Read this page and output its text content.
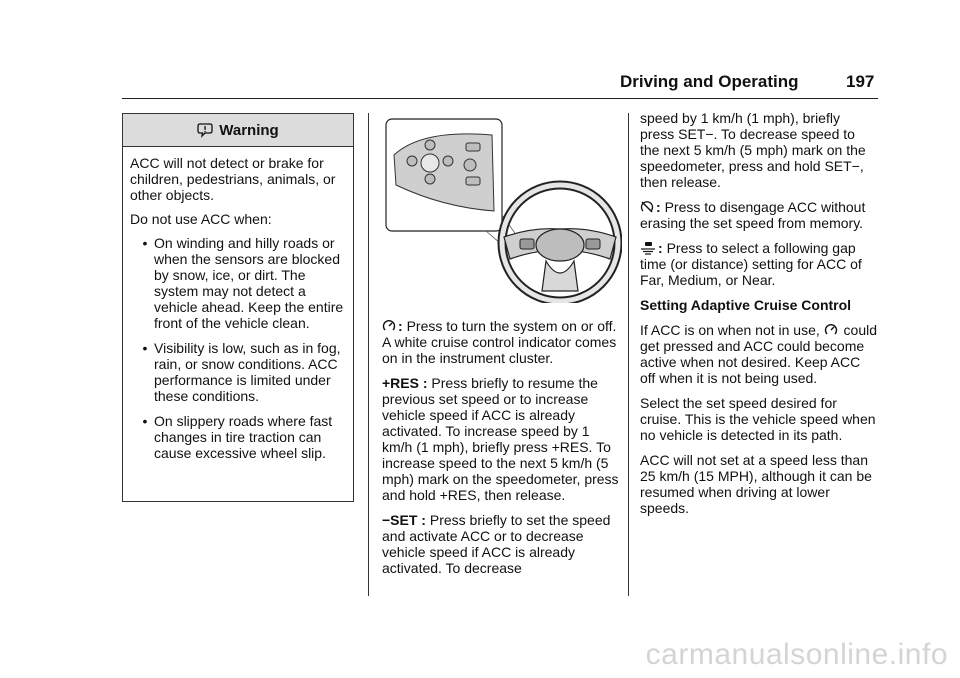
Driving and Operating	197
Warning

ACC will not detect or brake for children, pedestrians, animals, or other objects.

Do not use ACC when:

• On winding and hilly roads or when the sensors are blocked by snow, ice, or dirt. The system may not detect a vehicle ahead. Keep the entire front of the vehicle clean.
• Visibility is low, such as in fog, rain, or snow conditions. ACC performance is limited under these conditions.
• On slippery roads where fast changes in tire traction can cause excessive wheel slip.

: Press to turn the system on or off. A white cruise control indicator comes on in the instrument cluster.

+RES : Press briefly to resume the previous set speed or to increase vehicle speed if ACC is already activated. To increase speed by 1 km/h (1 mph), briefly press +RES. To increase speed to the next 5 km/h (5 mph) mark on the speedometer, press and hold +RES, then release.

−SET : Press briefly to set the speed and activate ACC or to decrease vehicle speed if ACC is already activated. To decrease

speed by 1 km/h (1 mph), briefly press SET−. To decrease speed to the next 5 km/h (5 mph) mark on the speedometer, press and hold SET−, then release.

: Press to disengage ACC without erasing the set speed from memory.

: Press to select a following gap time (or distance) setting for ACC of Far, Medium, or Near.

Setting Adaptive Cruise Control

If ACC is on when not in use, could get pressed and ACC could become active when not desired. Keep ACC off when it is not being used.

Select the set speed desired for cruise. This is the vehicle speed when no vehicle is detected in its path.

ACC will not set at a speed less than 25 km/h (15 MPH), although it can be resumed when driving at lower speeds.

carmanualsonline.info
